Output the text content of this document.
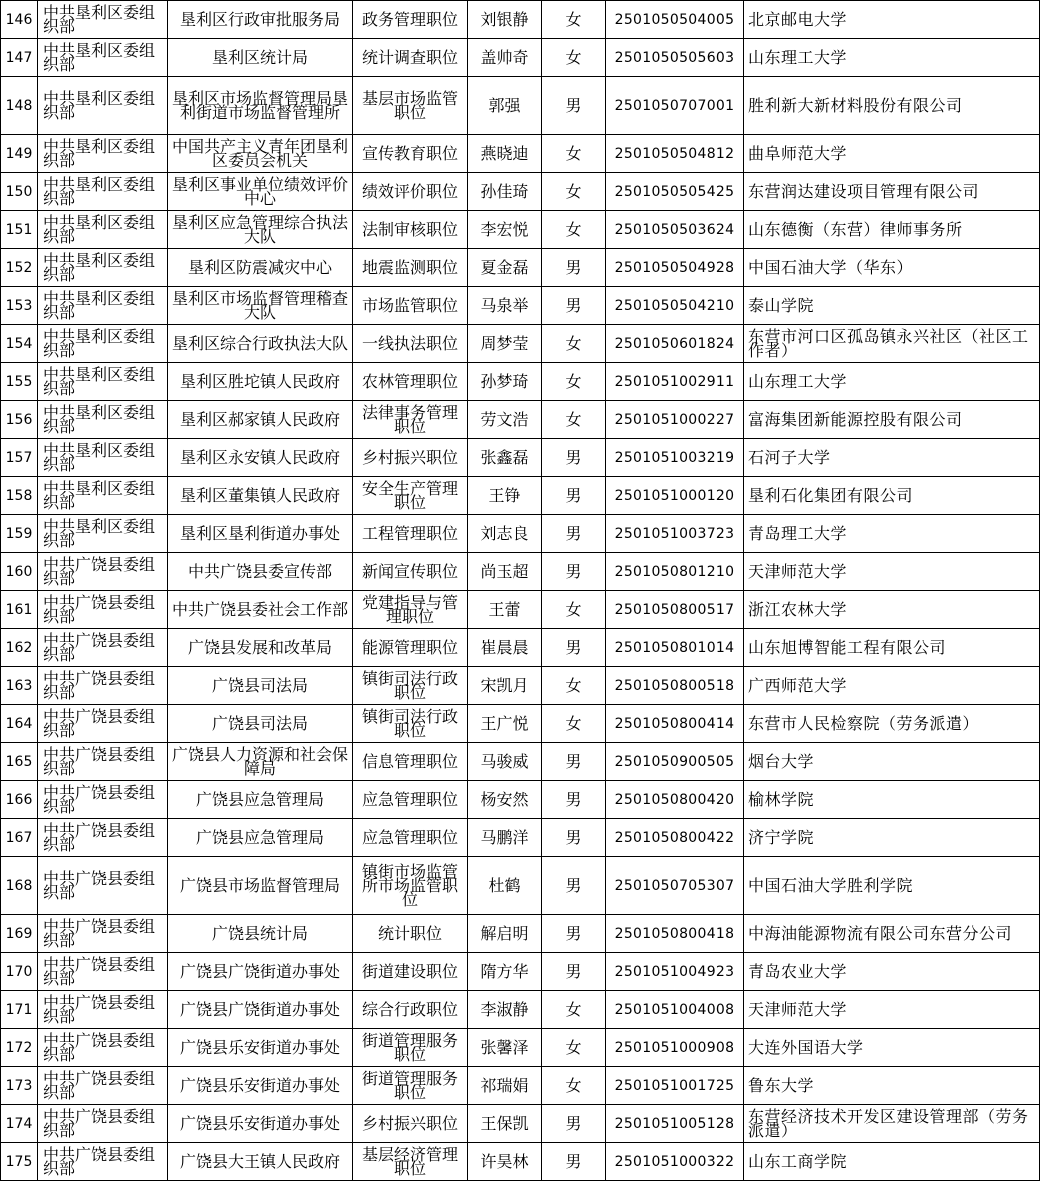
146	中共垦利区委组织部	垦利区行政审批服务局	政务管理职位	刘银静	女	2501050504005	北京邮电大学
147	中共垦利区委组织部	垦利区统计局	统计调查职位	盖帅奇	女	2501050505603	山东理工大学
148	中共垦利区委组织部	垦利区市场监督管理局垦利街道市场监督管理所	基层市场监管职位	郭强	男	2501050707001	胜利新大新材料股份有限公司
149	中共垦利区委组织部	中国共产主义青年团垦利区委员会机关	宣传教育职位	燕晓迪	女	2501050504812	曲阜师范大学
150	中共垦利区委组织部	垦利区事业单位绩效评价中心	绩效评价职位	孙佳琦	女	2501050505425	东营润达建设项目管理有限公司
151	中共垦利区委组织部	垦利区应急管理综合执法大队	法制审核职位	李宏悦	女	2501050503624	山东德衡（东营）律师事务所
152	中共垦利区委组织部	垦利区防震减灾中心	地震监测职位	夏金磊	男	2501050504928	中国石油大学（华东）
153	中共垦利区委组织部	垦利区市场监督管理稽查大队	市场监管职位	马泉举	男	2501050504210	泰山学院
154	中共垦利区委组织部	垦利区综合行政执法大队	一线执法职位	周梦莹	女	2501050601824	东营市河口区孤岛镇永兴社区（社区工作者）
155	中共垦利区委组织部	垦利区胜坨镇人民政府	农林管理职位	孙梦琦	女	2501051002911	山东理工大学
156	中共垦利区委组织部	垦利区郝家镇人民政府	法律事务管理职位	劳文浩	女	2501051000227	富海集团新能源控股有限公司
157	中共垦利区委组织部	垦利区永安镇人民政府	乡村振兴职位	张鑫磊	男	2501051003219	石河子大学
158	中共垦利区委组织部	垦利区董集镇人民政府	安全生产管理职位	王铮	男	2501051000120	垦利石化集团有限公司
159	中共垦利区委组织部	垦利区垦利街道办事处	工程管理职位	刘志良	男	2501051003723	青岛理工大学
160	中共广饶县委组织部	中共广饶县委宣传部	新闻宣传职位	尚玉超	男	2501050801210	天津师范大学
161	中共广饶县委组织部	中共广饶县委社会工作部	党建指导与管理职位	王蕾	女	2501050800517	浙江农林大学
162	中共广饶县委组织部	广饶县发展和改革局	能源管理职位	崔晨晨	男	2501050801014	山东旭博智能工程有限公司
163	中共广饶县委组织部	广饶县司法局	镇街司法行政职位	宋凯月	女	2501050800518	广西师范大学
164	中共广饶县委组织部	广饶县司法局	镇街司法行政职位	王广悦	女	2501050800414	东营市人民检察院（劳务派遣）
165	中共广饶县委组织部	广饶县人力资源和社会保障局	信息管理职位	马骏威	男	2501050900505	烟台大学
166	中共广饶县委组织部	广饶县应急管理局	应急管理职位	杨安然	男	2501050800420	榆林学院
167	中共广饶县委组织部	广饶县应急管理局	应急管理职位	马鹏洋	男	2501050800422	济宁学院
168	中共广饶县委组织部	广饶县市场监督管理局	镇街市场监管所市场监管职位	杜鹤	男	2501050705307	中国石油大学胜利学院
169	中共广饶县委组织部	广饶县统计局	统计职位	解启明	男	2501050800418	中海油能源物流有限公司东营分公司
170	中共广饶县委组织部	广饶县广饶街道办事处	街道建设职位	隋方华	男	2501051004923	青岛农业大学
171	中共广饶县委组织部	广饶县广饶街道办事处	综合行政职位	李淑静	女	2501051004008	天津师范大学
172	中共广饶县委组织部	广饶县乐安街道办事处	街道管理服务职位	张馨泽	女	2501051000908	大连外国语大学
173	中共广饶县委组织部	广饶县乐安街道办事处	街道管理服务职位	祁瑞娟	女	2501051001725	鲁东大学
174	中共广饶县委组织部	广饶县乐安街道办事处	乡村振兴职位	王保凯	男	2501051005128	东营经济技术开发区建设管理部（劳务派遣）
175	中共广饶县委组织部	广饶县大王镇人民政府	基层经济管理职位	许昊林	男	2501051000322	山东工商学院
